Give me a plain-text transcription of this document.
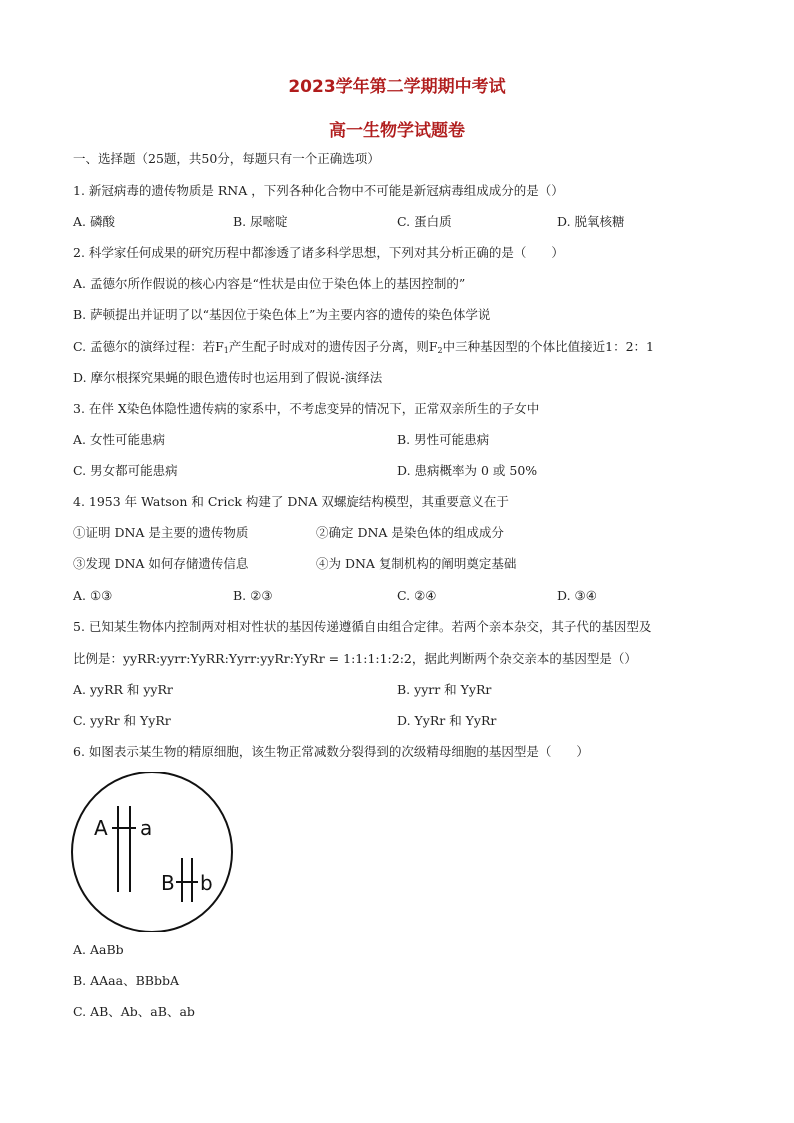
2023学年第二学期期中考试
高一生物学试题卷

一、选择题（25题，共50分，每题只有一个正确选项）

1. 新冠病毒的遗传物质是 RNA ，下列各种化合物中不可能是新冠病毒组成成分的是（）

A. 磷酸	B. 尿嘧啶	C. 蛋白质	D. 脱氧核糖

2. 科学家任何成果的研究历程中都渗透了诸多科学思想，下列对其分析正确的是（　　）

A. 孟德尔所作假说的核心内容是“性状是由位于染色体上的基因控制的”

B. 萨顿提出并证明了以“基因位于染色体上”为主要内容的遗传的染色体学说

C. 孟德尔的演绎过程：若$F_1$产生配子时成对的遗传因子分离，则$F_2$中三种基因型的个体比值接近1：2：1

D. 摩尔根探究果蝇的眼色遗传时也运用到了假说-演绎法

3. 在伴 X染色体隐性遗传病的家系中，不考虑变异的情况下，正常双亲所生的子女中

A. 女性可能患病	B. 男性可能患病

C. 男女都可能患病	D. 患病概率为 0 或 50%

4. 1953 年 Watson 和 Crick 构建了 DNA 双螺旋结构模型，其重要意义在于

①证明 DNA 是主要的遗传物质	②确定 DNA 是染色体的组成成分

③发现 DNA 如何存储遗传信息	④为 DNA 复制机构的阐明奠定基础

A. ①③	B. ②③	C. ②④	D. ③④

5. 已知某生物体内控制两对相对性状的基因传递遵循自由组合定律。若两个亲本杂交，其子代的基因型及

比例是：yyRR:yyrr:YyRR:Yyrr:yyRr:YyRr = 1:1:1:1:2:2，据此判断两个杂交亲本的基因型是（）

A. yyRR 和 yyRr	B. yyrr 和 YyRr

C. yyRr 和 YyRr	D. YyRr 和 YyRr

6. 如图表示某生物的精原细胞，该生物正常减数分裂得到的次级精母细胞的基因型是（　　）

A a
B b

A. AaBb

B. AAaa、BBbbA

C. AB、Ab、aB、ab
